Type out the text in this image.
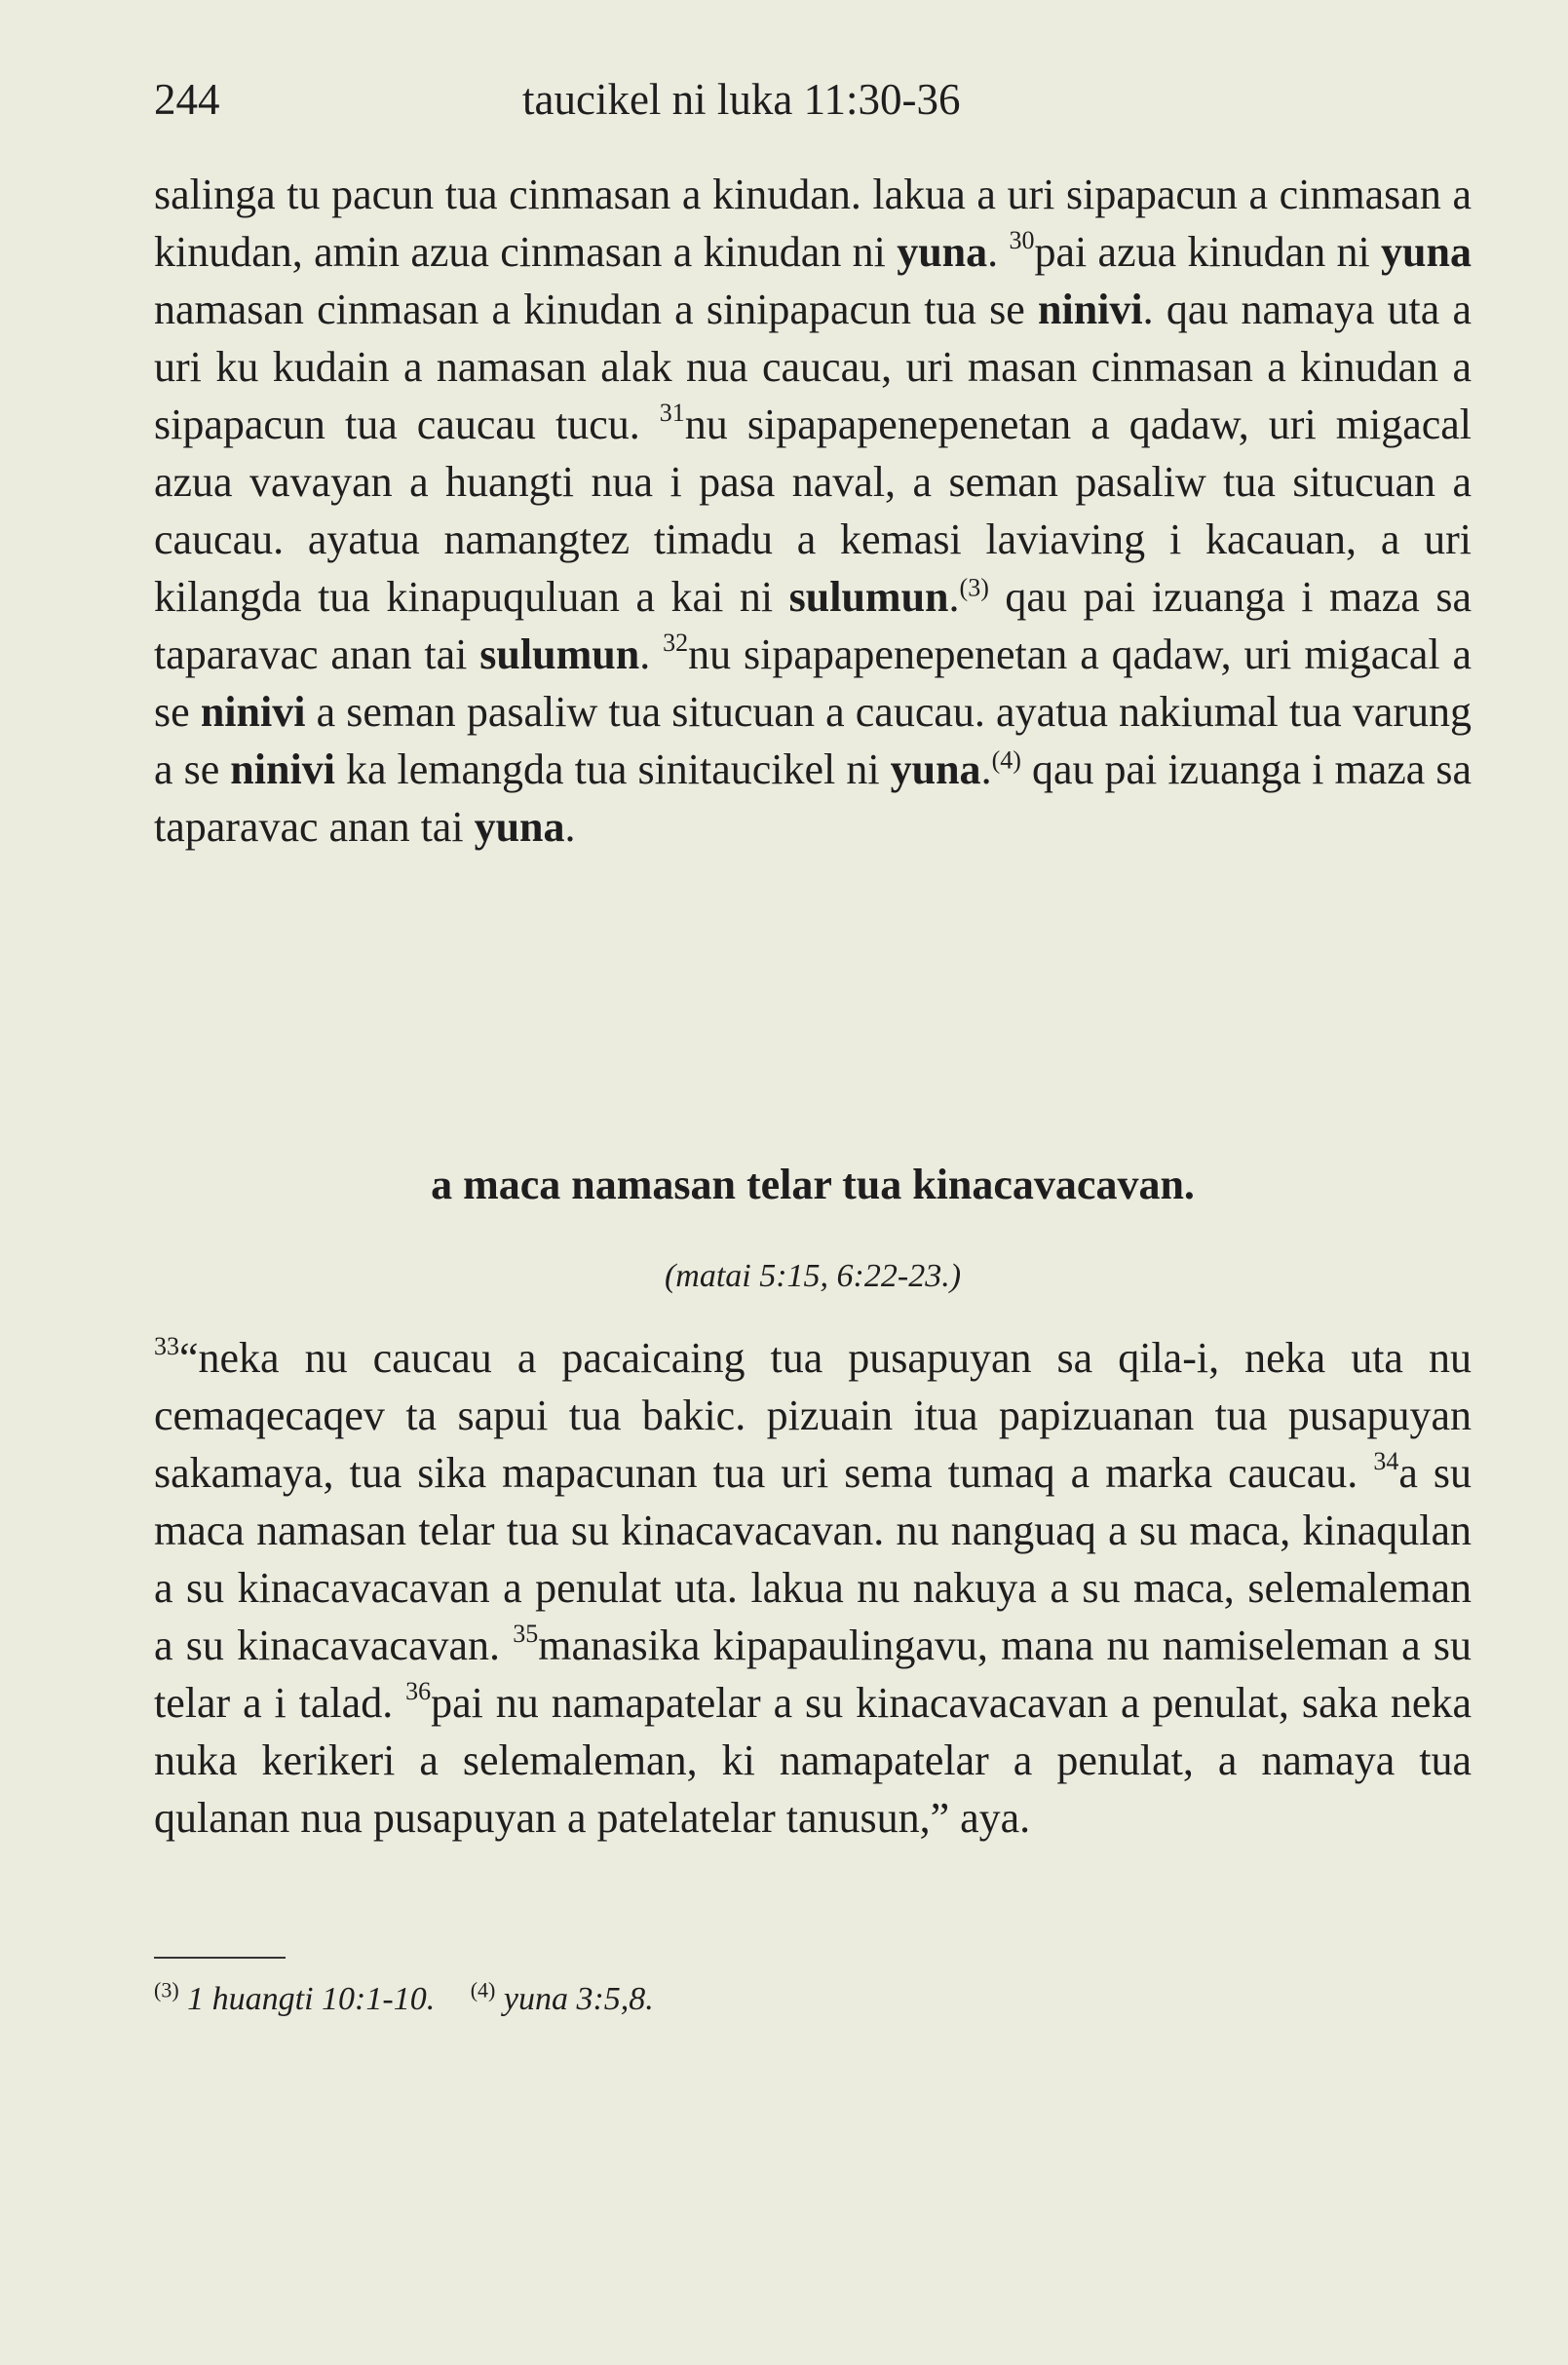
244	taucikel ni luka 11:30-36

salinga tu pacun tua cinmasan a kinudan. lakua a uri sipapacun a cinmasan a kinudan, amin azua cinmasan a kinudan ni yuna. $^{30}$pai azua kinudan ni yuna namasan cinmasan a kinudan a sinipapacun tua se ninivi. qau namaya uta a uri ku kudain a namasan alak nua caucau, uri masan cinmasan a kinudan a sipapacun tua caucau tucu. $^{31}$nu sipapapenepenetan a qadaw, uri migacal azua vavayan a huangti nua i pasa naval, a seman pasaliw tua situcuan a caucau. ayatua namangtez timadu a kemasi laviaving i kacauan, a uri kilangda tua kinapuquluan a kai ni sulumun.$^{(3)}$ qau pai izuanga i maza sa taparavac anan tai sulumun. $^{32}$nu sipapapenepenetan a qadaw, uri migacal a se ninivi a seman pasaliw tua situcuan a caucau. ayatua nakiumal tua varung a se ninivi ka lemangda tua sinitaucikel ni yuna.$^{(4)}$ qau pai izuanga i maza sa taparavac anan tai yuna.

a maca namasan telar tua kinacavacavan.
(matai 5:15, 6:22-23.)

$^{33}$“neka nu caucau a pacaicaing tua pusapuyan sa qila-i, neka uta nu cemaqecaqev ta sapui tua bakic. pizuain itua papizuanan tua pusapuyan sakamaya, tua sika mapacunan tua uri sema tumaq a marka caucau. $^{34}$a su maca namasan telar tua su kinacavacavan. nu nanguaq a su maca, kinaqulan a su kinacavacavan a penulat uta. lakua nu nakuya a su maca, selemaleman a su kinacavacavan. $^{35}$manasika kipapaulingavu, mana nu namiseleman a su telar a i talad. $^{36}$pai nu namapatelar a su kinacavacavan a penulat, saka neka nuka kerikeri a selemaleman, ki namapatelar a penulat, a namaya tua qulanan nua pusapuyan a patelatelar tanusun,” aya.

$^{(3)}$ 1 huangti 10:1-10. $^{(4)}$ yuna 3:5,8.
